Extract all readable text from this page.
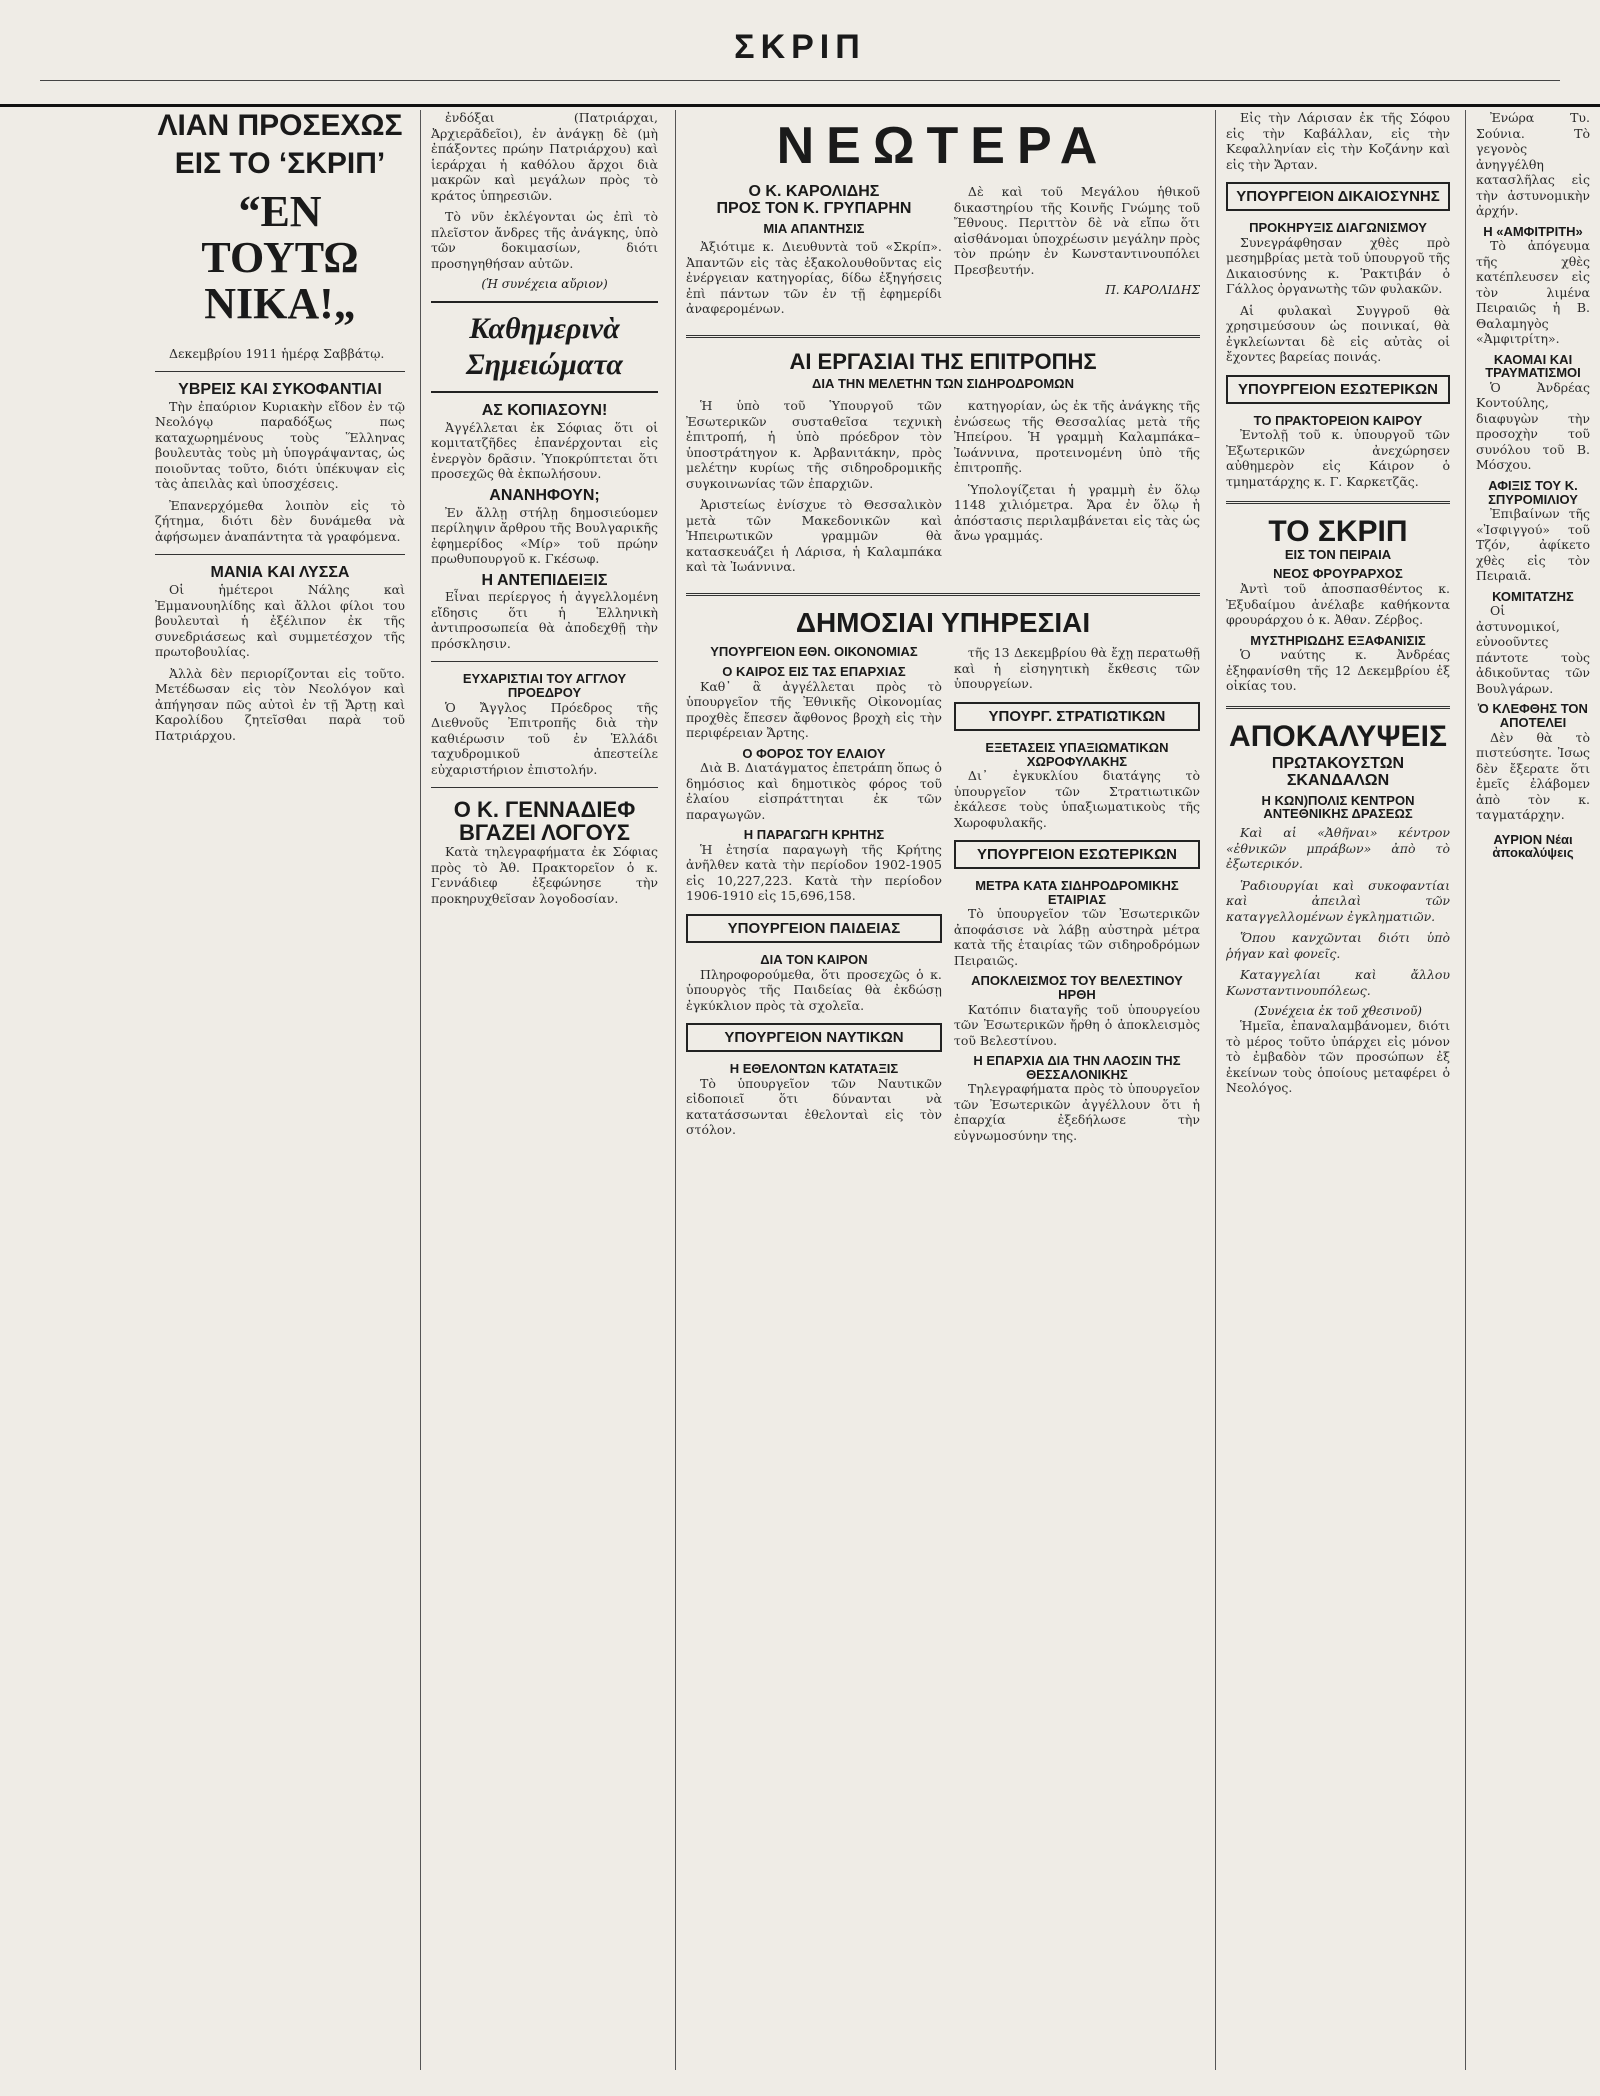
ΣΚΡΙΠ
ΛΙΑΝ ΠΡΟΣΕΧΩΣ
ΕΙΣ ΤΟ ‘ΣΚΡΙΠ’
“ΕΝ ΤΟΥΤΩ ΝΙΚΑ!„

Δεκεμβρίου 1911 ἡμέρᾳ Σαββάτῳ.

ΥΒΡΕΙΣ ΚΑΙ ΣΥΚΟΦΑΝΤΙΑΙ

Τὴν ἐπαύριον Κυριακὴν εἴδον ἐν τῷ Νεολόγῳ παραδόξως πως καταχωρημένους τοὺς Ἕλληνας βουλευτὰς τοὺς μὴ ὑπογράψαντας, ὡς ποιοῦντας τοῦτο, διότι ὑπέκυψαν εἰς τὰς ἀπειλὰς καὶ ὑποσχέσεις.

Ἐπανερχόμεθα λοιπὸν εἰς τὸ ζήτημα, διότι δὲν δυνάμεθα νὰ ἀφήσωμεν ἀναπάντητα τὰ γραφόμενα.

ΜΑΝΙΑ ΚΑΙ ΛΥΣΣΑ

Οἱ ἡμέτεροι Νάλης καὶ Ἐμμανουηλίδης καὶ ἄλλοι φίλοι του βουλευταὶ ἡ ἐξέλιπον ἐκ τῆς συνεδριάσεως καὶ συμμετέσχον τῆς πρωτοβουλίας.

Ἀλλὰ δὲν περιορίζονται εἰς τοῦτο. Μετέδωσαν εἰς τὸν Νεολόγον καὶ ἀπήγησαν πῶς αὐτοὶ ἐν τῇ Ἄρτῃ καὶ Καρολίδου ζητεῖσθαι παρὰ τοῦ Πατριάρχου.

ἐνδόξαι (Πατριάρχαι, Ἀρχιερᾶδεῖοι), ἐν ἀνάγκῃ δὲ (μὴ ἐπάξοντες πρώην Πατριάρχου) καὶ ἱεράρχαι ἡ καθόλου ἄρχοι διὰ μακρῶν καὶ μεγάλων πρὸς τὸ κράτος ὑπηρεσιῶν.

Τὸ νῦν ἐκλέγονται ὡς ἐπὶ τὸ πλεῖστον ἄνδρες τῆς ἀνάγκης, ὑπὸ τῶν δοκιμασίων, διότι προσηγηθήσαν αὐτῶν.

(Ἡ συνέχεια αὔριον)
Καθημερινὰ
Σημειώματα
ΑΣ ΚΟΠΙΑΣΟΥΝ!

Ἀγγέλλεται ἐκ Σόφιας ὅτι οἱ κομιτατζῆδες ἐπανέρχονται εἰς ἐνεργὸν δρᾶσιν. Ὑποκρύπτεται ὅτι προσεχῶς θὰ ἐκπωλήσουν.

ΑΝΑΝΗΦΟΥΝ;

Ἐν ἄλλῃ στήλῃ δημοσιεύομεν περίληψιν ἄρθρου τῆς Βουλγαρικῆς ἐφημερίδος «Μίρ» τοῦ πρώην πρωθυπουργοῦ κ. Γκέσωφ.

Η ΑΝΤΕΠΙΔΕΙΞΙΣ

Εἶναι περίεργος ἡ ἀγγελλομένη εἴδησις ὅτι ἡ Ἑλληνικὴ ἀντιπροσωπεία θὰ ἀποδεχθῇ τὴν πρόσκλησιν.

ΕΥΧΑΡΙΣΤΙΑΙ ΤΟΥ ΑΓΓΛΟΥ ΠΡΟΕΔΡΟΥ

Ὁ Ἄγγλος Πρόεδρος τῆς Διεθνοῦς Ἐπιτροπῆς διὰ τὴν καθιέρωσιν τοῦ ἐν Ἑλλάδι ταχυδρομικοῦ ἀπεστείλε εὐχαριστήριον ἐπιστολήν.

Ο Κ. ΓΕΝΝΑΔΙΕΦ
ΒΓΑΖΕΙ ΛΟΓΟΥΣ

Κατὰ τηλεγραφήματα ἐκ Σόφιας πρὸς τὸ Ἀθ. Πρακτορεῖον ὁ κ. Γεννάδιεφ ἐξεφώνησε τὴν προκηρυχθεῖσαν λογοδοσίαν.

ΝΕΩΤΕΡΑ
Ο Κ. ΚΑΡΟΛΙΔΗΣ
ΠΡΟΣ ΤΟΝ Κ. ΓΡΥΠΑΡΗΝ
ΜΙΑ ΑΠΑΝΤΗΣΙΣ

Ἀξιότιμε κ. Διευθυντὰ τοῦ «Σκρίπ». Ἀπαντῶν εἰς τὰς ἐξακολουθοῦντας εἰς ἐνέργειαν κατηγορίας, δίδω ἐξηγήσεις ἐπὶ πάντων τῶν ἐν τῇ ἐφημερίδι ἀναφερομένων.

Δὲ καὶ τοῦ Μεγάλου ἡθικοῦ δικαστηρίου τῆς Κοινῆς Γνώμης τοῦ Ἔθνους. Περιττὸν δὲ νὰ εἴπω ὅτι αἰσθάνομαι ὑποχρέωσιν μεγάλην πρὸς τὸν πρώην ἐν Κωνσταντινουπόλει Πρεσβευτήν.

Π. ΚΑΡΟΛΙΔΗΣ
ΑΙ ΕΡΓΑΣΙΑΙ ΤΗΣ ΕΠΙΤΡΟΠΗΣ
ΔΙΑ ΤΗΝ ΜΕΛΕΤΗΝ ΤΩΝ ΣΙΔΗΡΟΔΡΟΜΩΝ

Ἡ ὑπὸ τοῦ Ὑπουργοῦ τῶν Ἐσωτερικῶν συσταθεῖσα τεχνικὴ ἐπιτροπή, ἡ ὑπὸ πρόεδρον τὸν ὑποστράτηγον κ. Ἀρβανιτάκην, πρὸς μελέτην κυρίως τῆς σιδηροδρομικῆς συγκοινωνίας τῶν ἐπαρχιῶν.

Ἀριστείως ἐνίσχυε τὸ Θεσσαλικὸν μετὰ τῶν Μακεδονικῶν καὶ Ἠπειρωτικῶν γραμμῶν θὰ κατασκευάζει ἡ Λάρισα, ἡ Καλαμπάκα καὶ τὰ Ἰωάννινα.

κατηγορίαν, ὡς ἐκ τῆς ἀνάγκης τῆς ἐνώσεως τῆς Θεσσαλίας μετὰ τῆς Ἠπείρου. Ἡ γραμμὴ Καλαμπάκα–Ἰωάννινα, προτεινομένη ὑπὸ τῆς ἐπιτροπῆς.

Ὑπολογίζεται ἡ γραμμὴ ἐν ὅλῳ 1148 χιλιόμετρα. Ἄρα ἐν ὅλῳ ἡ ἀπόστασις περιλαμβάνεται εἰς τὰς ὡς ἄνω γραμμάς.

ΔΗΜΟΣΙΑΙ ΥΠΗΡΕΣΙΑΙ
ΥΠΟΥΡΓΕΙΟΝ ΕΘΝ. ΟΙΚΟΝΟΜΙΑΣ
Ο ΚΑΙΡΟΣ ΕΙΣ ΤΑΣ ΕΠΑΡΧΙΑΣ

Καθ᾽ ἃ ἀγγέλλεται πρὸς τὸ ὑπουργεῖον τῆς Ἐθνικῆς Οἰκονομίας προχθὲς ἔπεσεν ἄφθονος βροχὴ εἰς τὴν περιφέρειαν Ἄρτης.

Ο ΦΟΡΟΣ ΤΟΥ ΕΛΑΙΟΥ

Διὰ Β. Διατάγματος ἐπετράπη ὅπως ὁ δημόσιος καὶ δημοτικὸς φόρος τοῦ ἐλαίου εἰσπράττηται ἐκ τῶν παραγωγῶν.

Η ΠΑΡΑΓΩΓΗ ΚΡΗΤΗΣ

Ἡ ἐτησία παραγωγὴ τῆς Κρήτης ἀνῆλθεν κατὰ τὴν περίοδον 1902-1905 εἰς 10,227,223. Κατὰ τὴν περίοδον 1906-1910 εἰς 15,696,158.

ΥΠΟΥΡΓΕΙΟΝ ΠΑΙΔΕΙΑΣ
ΔΙΑ ΤΟΝ ΚΑΙΡΟΝ

Πληροφορούμεθα, ὅτι προσεχῶς ὁ κ. ὑπουργὸς τῆς Παιδείας θὰ ἐκδώσῃ ἐγκύκλιον πρὸς τὰ σχολεῖα.

ΥΠΟΥΡΓΕΙΟΝ ΝΑΥΤΙΚΩΝ
Η ΕΘΕΛΟΝΤΩΝ ΚΑΤΑΤΑΞΙΣ

Τὸ ὑπουργεῖον τῶν Ναυτικῶν εἰδοποιεῖ ὅτι δύνανται νὰ κατατάσσωνται ἐθελονταὶ εἰς τὸν στόλον.

τῆς 13 Δεκεμβρίου θὰ ἔχῃ περατωθῇ καὶ ἡ εἰσηγητικὴ ἔκθεσις τῶν ὑπουργείων.

ΥΠΟΥΡΓ. ΣΤΡΑΤΙΩΤΙΚΩΝ
ΕΞΕΤΑΣΕΙΣ ΥΠΑΞΙΩΜΑΤΙΚΩΝ ΧΩΡΟΦΥΛΑΚΗΣ

Δι᾽ ἐγκυκλίου διατάγης τὸ ὑπουργεῖον τῶν Στρατιωτικῶν ἐκάλεσε τοὺς ὑπαξιωματικοὺς τῆς Χωροφυλακῆς.

ΥΠΟΥΡΓΕΙΟΝ ΕΣΩΤΕΡΙΚΩΝ
ΜΕΤΡΑ ΚΑΤΑ ΣΙΔΗΡΟΔΡΟΜΙΚΗΣ ΕΤΑΙΡΙΑΣ

Τὸ ὑπουργεῖον τῶν Ἐσωτερικῶν ἀποφάσισε νὰ λάβῃ αὐστηρὰ μέτρα κατὰ τῆς ἑταιρίας τῶν σιδηροδρόμων Πειραιῶς.

ΑΠΟΚΛΕΙΣΜΟΣ ΤΟΥ ΒΕΛΕΣΤΙΝΟΥ ΗΡΘΗ

Κατόπιν διαταγῆς τοῦ ὑπουργείου τῶν Ἐσωτερικῶν ἤρθη ὁ ἀποκλεισμὸς τοῦ Βελεστίνου.

Η ΕΠΑΡΧΙΑ ΔΙΑ ΤΗΝ ΛΑΟΣΙΝ ΤΗΣ ΘΕΣΣΑΛΟΝΙΚΗΣ

Τηλεγραφήματα πρὸς τὸ ὑπουργεῖον τῶν Ἐσωτερικῶν ἀγγέλλουν ὅτι ἡ ἐπαρχία ἐξεδήλωσε τὴν εὐγνωμοσύνην της.

Εἰς τὴν Λάρισαν ἐκ τῆς Σόφου εἰς τὴν Καβάλλαν, εἰς τὴν Κεφαλληνίαν εἰς τὴν Κοζάνην καὶ εἰς τὴν Ἄρταν.

ΥΠΟΥΡΓΕΙΟΝ ΔΙΚΑΙΟΣΥΝΗΣ
ΠΡΟΚΗΡΥΞΙΣ ΔΙΑΓΩΝΙΣΜΟΥ

Συνεγράφθησαν χθὲς πρὸ μεσημβρίας μετὰ τοῦ ὑπουργοῦ τῆς Δικαιοσύνης κ. Ῥακτιβάν ὁ Γάλλος ὀργανωτὴς τῶν φυλακῶν.

Αἱ φυλακαὶ Συγγροῦ θὰ χρησιμεύσουν ὡς ποινικαί, θὰ ἐγκλείωνται δὲ εἰς αὐτὰς οἱ ἔχοντες βαρείας ποινάς.

ΥΠΟΥΡΓΕΙΟΝ ΕΣΩΤΕΡΙΚΩΝ
ΤΟ ΠΡΑΚΤΟΡΕΙΟΝ ΚΑΙΡΟΥ

Ἐντολῇ τοῦ κ. ὑπουργοῦ τῶν Ἐξωτερικῶν ἀνεχώρησεν αὐθημερὸν εἰς Κάιρον ὁ τμηματάρχης κ. Γ. Καρκετζᾶς.

ΤΟ ΣΚΡΙΠ
ΕΙΣ ΤΟΝ ΠΕΙΡΑΙΑ
ΝΕΟΣ ΦΡΟΥΡΑΡΧΟΣ

Ἀντὶ τοῦ ἀποσπασθέντος κ. Ἐξυδαίμου ἀνέλαβε καθήκοντα φρουράρχου ὁ κ. Ἀθαν. Ζέρβος.

ΜΥΣΤΗΡΙΩΔΗΣ ΕΞΑΦΑΝΙΣΙΣ

Ὁ ναύτης κ. Ἀνδρέας ἐξηφανίσθη τῆς 12 Δεκεμβρίου ἐξ οἰκίας του.

ΑΠΟΚΑΛΥΨΕΙΣ
ΠΡΩΤΑΚΟΥΣΤΩΝ ΣΚΑΝΔΑΛΩΝ
Η ΚΩΝ)ΠΟΛΙΣ ΚΕΝΤΡΟΝ ΑΝΤΕΘΝΙΚΗΣ ΔΡΑΣΕΩΣ

Καὶ αἱ «Ἀθῆναι» κέντρον «ἐθνικῶν μπράβων» ἀπὸ τὸ ἐξωτερικόν.

Ῥαδιουργίαι καὶ συκοφαντίαι καὶ ἀπειλαὶ τῶν καταγγελλομένων ἐγκληματιῶν.

Ὅπου κανχῶνται διότι ὑπὸ ῥήγαν καὶ φονεῖς.

Καταγγελίαι καὶ ἄλλου Κωνσταντινουπόλεως.

(Συνέχεια ἐκ τοῦ χθεσινοῦ)

Ἡμεῖα, ἐπαναλαμβάνομεν, διότι τὸ μέρος τοῦτο ὑπάρχει εἰς μόνον τὸ ἐμβαδὸν τῶν προσώπων ἐξ ἐκείνων τοὺς ὁποίους μεταφέρει ὁ Νεολόγος.

Ἐνώρα Τυ. Σούνια. Τὸ γεγονὸς ἀνηγγέλθη κατασλῆλας εἰς τὴν ἀστυνομικὴν ἀρχήν.

Η «ΑΜΦΙΤΡΙΤΗ»

Τὸ ἀπόγευμα τῆς χθὲς κατέπλευσεν εἰς τὸν λιμένα Πειραιῶς ἡ Β. Θαλαμηγὸς «Ἀμφιτρίτη».

ΚΑΟΜΑΙ ΚΑΙ ΤΡΑΥΜΑΤΙΣΜΟΙ

Ὁ Ἀνδρέας Κοντούλης, διαφυγὼν τὴν προσοχὴν τοῦ συνόλου τοῦ Β. Μόσχου.

ΑΦΙΞΙΣ ΤΟΥ Κ. ΣΠΥΡΟΜΙΛΙΟΥ

Ἐπιβαίνων τῆς «Ἰσφιγγού» τοῦ Τζόν, ἀφίκετο χθὲς εἰς τὸν Πειραιᾶ.

ΚΟΜΙΤΑΤΖΗΣ

Οἱ ἀστυνομικοί, εὐνοοῦντες πάντοτε τοὺς ἀδικοῦντας τῶν Βουλγάρων.

Ὁ ΚΛΕΦΘΗΣ ΤΟΝ ΑΠΟΤΕΛΕΙ

Δὲν θὰ τὸ πιστεύσητε. Ἰσως δὲν ἔξερατε ὅτι ἐμεῖς ἐλάβομεν ἀπὸ τὸν κ. ταγματάρχην.

ΑΥΡΙΟΝ Νέαι ἀποκαλύψεις
